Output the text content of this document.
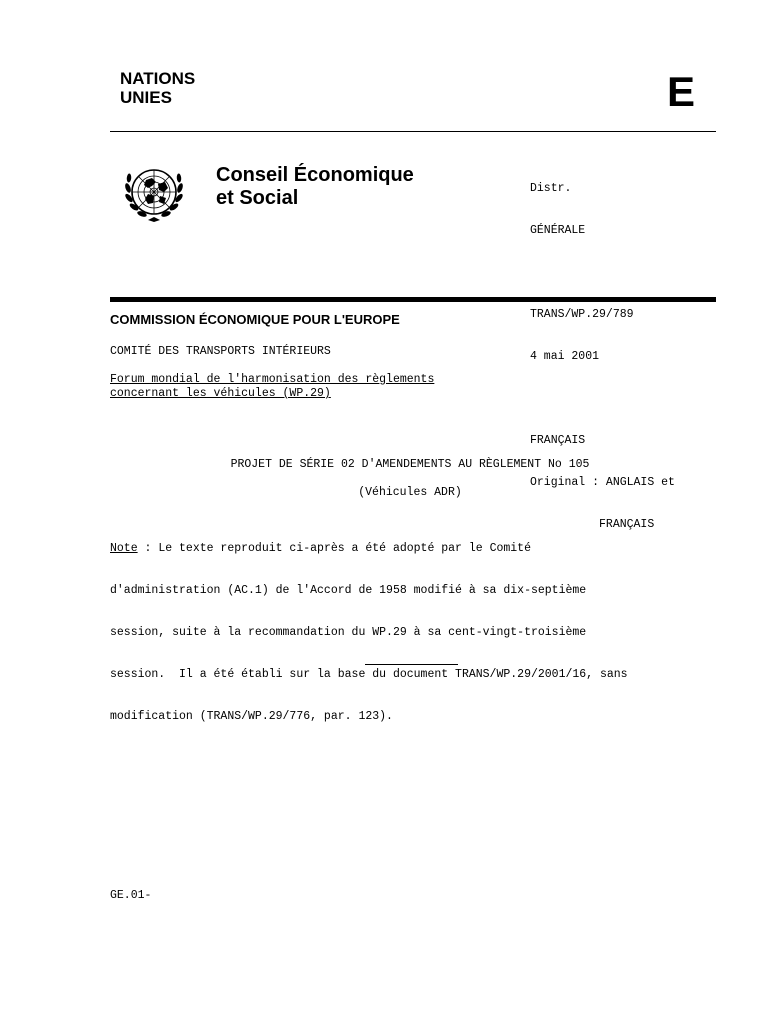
NATIONS
UNIES	E
Conseil Économique
et Social

	Distr.

GÉNÉRALE

TRANS/WP.29/789

4 mai 2001

FRANÇAIS

Original : ANGLAIS et

FRANÇAIS

COMMISSION ÉCONOMIQUE POUR L'EUROPE
COMITÉ DES TRANSPORTS INTÉRIEURS
Forum mondial de l'harmonisation des règlements
concernant les véhicules (WP.29)
PROJET DE SÉRIE 02 D'AMENDEMENTS AU RÈGLEMENT No 105
(Véhicules ADR)

Note : Le texte reproduit ci-après a été adopté par le Comité

d'administration (AC.1) de l'Accord de 1958 modifié à sa dix-septième

session, suite à la recommandation du WP.29 à sa cent-vingt-troisième

session.  Il a été établi sur la base du document TRANS/WP.29/2001/16, sans

modification (TRANS/WP.29/776, par. 123).

GE.01-
